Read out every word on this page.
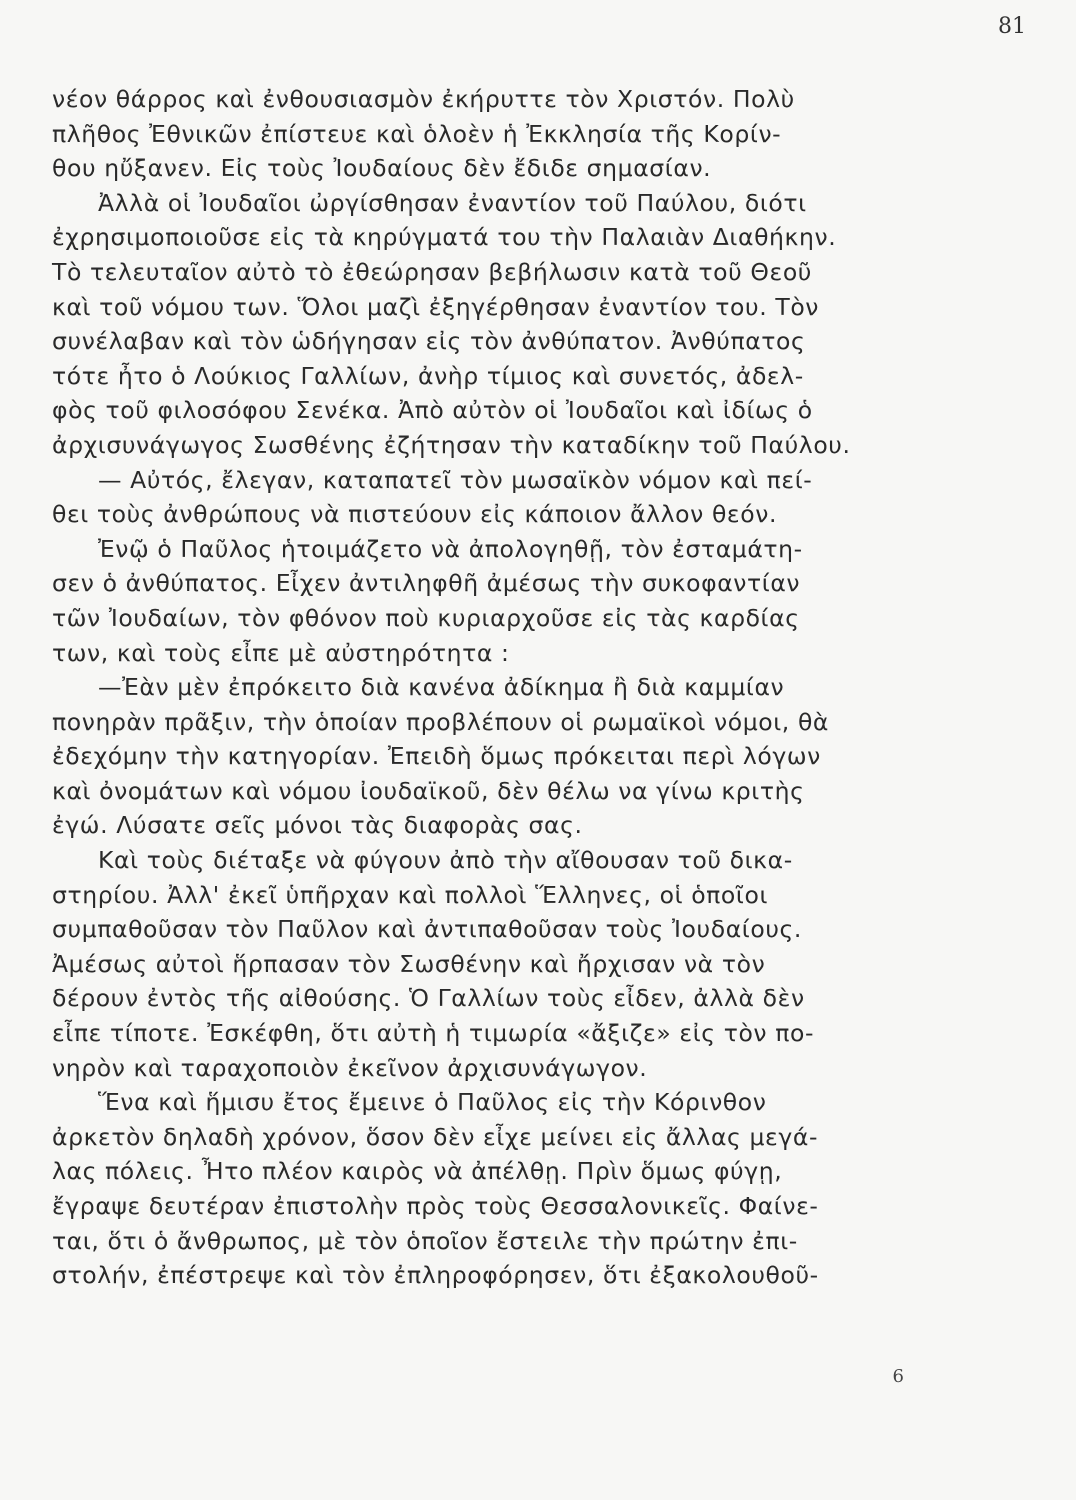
81
νέον θάρρος καὶ ἐνθουσιασμὸν ἐκήρυττε τὸν Χριστόν. Πολὺ
πλῆθος Ἐθνικῶν ἐπίστευε καὶ ὁλοὲν ἡ Ἐκκλησία τῆς Κορίν-
θου ηὔξανεν. Εἰς τοὺς Ἰουδαίους δὲν ἔδιδε σημασίαν.
Ἀλλὰ οἱ Ἰουδαῖοι ὠργίσθησαν ἐναντίον τοῦ Παύλου, διότι
ἐχρησιμοποιοῦσε εἰς τὰ κηρύγματά του τὴν Παλαιὰν Διαθήκην.
Τὸ τελευταῖον αὐτὸ τὸ ἐθεώρησαν βεβήλωσιν κατὰ τοῦ Θεοῦ
καὶ τοῦ νόμου των. Ὅλοι μαζὶ ἐξηγέρθησαν ἐναντίον του. Τὸν
συνέλαβαν καὶ τὸν ὡδήγησαν εἰς τὸν ἀνθύπατον. Ἀνθύπατος
τότε ἦτο ὁ Λούκιος Γαλλίων, ἀνὴρ τίμιος καὶ συνετός, ἀδελ-
φὸς τοῦ φιλοσόφου Σενέκα. Ἀπὸ αὐτὸν οἱ Ἰουδαῖοι καὶ ἰδίως ὁ
ἀρχισυνάγωγος Σωσθένης ἐζήτησαν τὴν καταδίκην τοῦ Παύλου.
— Αὐτός, ἔλεγαν, καταπατεῖ τὸν μωσαϊκὸν νόμον καὶ πεί-
θει τοὺς ἀνθρώπους νὰ πιστεύουν εἰς κάποιον ἄλλον θεόν.
Ἐνῷ ὁ Παῦλος ἡτοιμάζετο νὰ ἀπολογηθῇ, τὸν ἐσταμάτη-
σεν ὁ ἀνθύπατος. Εἶχεν ἀντιληφθῆ ἀμέσως τὴν συκοφαντίαν
τῶν Ἰουδαίων, τὸν φθόνον ποὺ κυριαρχοῦσε εἰς τὰς καρδίας
των, καὶ τοὺς εἶπε μὲ αὐστηρότητα :
—Ἐὰν μὲν ἐπρόκειτο διὰ κανένα ἀδίκημα ἢ διὰ καμμίαν
πονηρὰν πρᾶξιν, τὴν ὁποίαν προβλέπουν οἱ ρωμαϊκοὶ νόμοι, θὰ
ἐδεχόμην τὴν κατηγορίαν. Ἐπειδὴ ὅμως πρόκειται περὶ λόγων
καὶ ὀνομάτων καὶ νόμου ἰουδαϊκοῦ, δὲν θέλω να γίνω κριτὴς
ἐγώ. Λύσατε σεῖς μόνοι τὰς διαφορὰς σας.
Καὶ τοὺς διέταξε νὰ φύγουν ἀπὸ τὴν αἴθουσαν τοῦ δικα-
στηρίου. Ἀλλ' ἐκεῖ ὑπῆρχαν καὶ πολλοὶ Ἕλληνες, οἱ ὁποῖοι
συμπαθοῦσαν τὸν Παῦλον καὶ ἀντιπαθοῦσαν τοὺς Ἰουδαίους.
Ἀμέσως αὐτοὶ ἥρπασαν τὸν Σωσθένην καὶ ἤρχισαν νὰ τὸν
δέρουν ἐντὸς τῆς αἰθούσης. Ὁ Γαλλίων τοὺς εἶδεν, ἀλλὰ δὲν
εἶπε τίποτε. Ἐσκέφθη, ὅτι αὐτὴ ἡ τιμωρία «ἄξιζε» εἰς τὸν πο-
νηρὸν καὶ ταραχοποιὸν ἐκεῖνον ἀρχισυνάγωγον.
Ἕνα καὶ ἥμισυ ἔτος ἔμεινε ὁ Παῦλος εἰς τὴν Κόρινθον
ἀρκετὸν δηλαδὴ χρόνον, ὅσον δὲν εἶχε μείνει εἰς ἄλλας μεγά-
λας πόλεις. Ἦτο πλέον καιρὸς νὰ ἀπέλθῃ. Πρὶν ὅμως φύγῃ,
ἔγραψε δευτέραν ἐπιστολὴν πρὸς τοὺς Θεσσαλονικεῖς. Φαίνε-
ται, ὅτι ὁ ἄνθρωπος, μὲ τὸν ὁποῖον ἔστειλε τὴν πρώτην ἐπι-
στολήν, ἐπέστρεψε καὶ τὸν ἐπληροφόρησεν, ὅτι ἐξακολουθοῦ-
6
